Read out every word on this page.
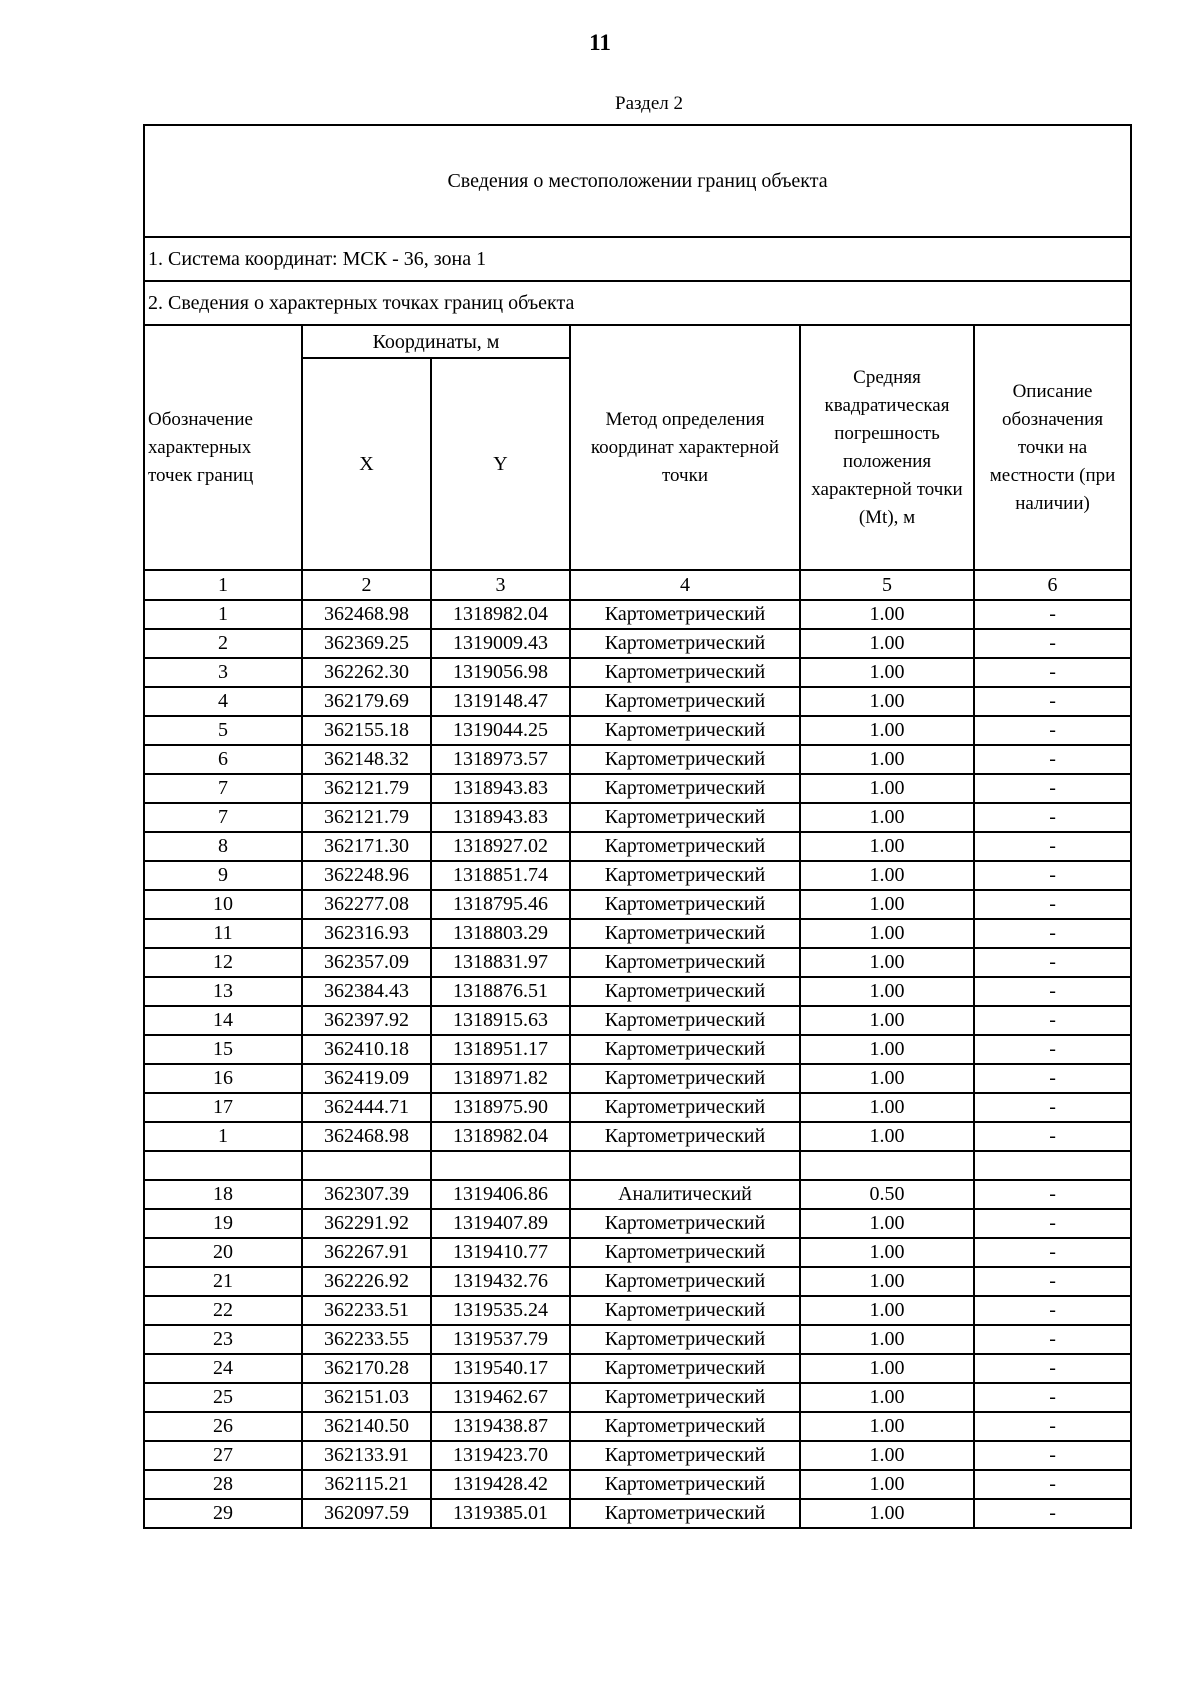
11
Раздел 2
Сведения о местоположении границ объекта					
1. Система координат: МСК - 36, зона 1					
2. Сведения о характерных точках границ объекта					
Обозначение характерных точек границ	Координаты, м		Метод определения координат характерной точки	Средняя квадратическая погрешность положения характерной точки (Mt), м	Описание обозначения точки на местности (при наличии)
	X	Y			
1	2	3	4	5	6
1	362468.98	1318982.04	Картометрический	1.00	-
2	362369.25	1319009.43	Картометрический	1.00	-
3	362262.30	1319056.98	Картометрический	1.00	-
4	362179.69	1319148.47	Картометрический	1.00	-
5	362155.18	1319044.25	Картометрический	1.00	-
6	362148.32	1318973.57	Картометрический	1.00	-
7	362121.79	1318943.83	Картометрический	1.00	-
7	362121.79	1318943.83	Картометрический	1.00	-
8	362171.30	1318927.02	Картометрический	1.00	-
9	362248.96	1318851.74	Картометрический	1.00	-
10	362277.08	1318795.46	Картометрический	1.00	-
11	362316.93	1318803.29	Картометрический	1.00	-
12	362357.09	1318831.97	Картометрический	1.00	-
13	362384.43	1318876.51	Картометрический	1.00	-
14	362397.92	1318915.63	Картометрический	1.00	-
15	362410.18	1318951.17	Картометрический	1.00	-
16	362419.09	1318971.82	Картометрический	1.00	-
17	362444.71	1318975.90	Картометрический	1.00	-
1	362468.98	1318982.04	Картометрический	1.00	-

18	362307.39	1319406.86	Аналитический	0.50	-
19	362291.92	1319407.89	Картометрический	1.00	-
20	362267.91	1319410.77	Картометрический	1.00	-
21	362226.92	1319432.76	Картометрический	1.00	-
22	362233.51	1319535.24	Картометрический	1.00	-
23	362233.55	1319537.79	Картометрический	1.00	-
24	362170.28	1319540.17	Картометрический	1.00	-
25	362151.03	1319462.67	Картометрический	1.00	-
26	362140.50	1319438.87	Картометрический	1.00	-
27	362133.91	1319423.70	Картометрический	1.00	-
28	362115.21	1319428.42	Картометрический	1.00	-
29	362097.59	1319385.01	Картометрический	1.00	-
